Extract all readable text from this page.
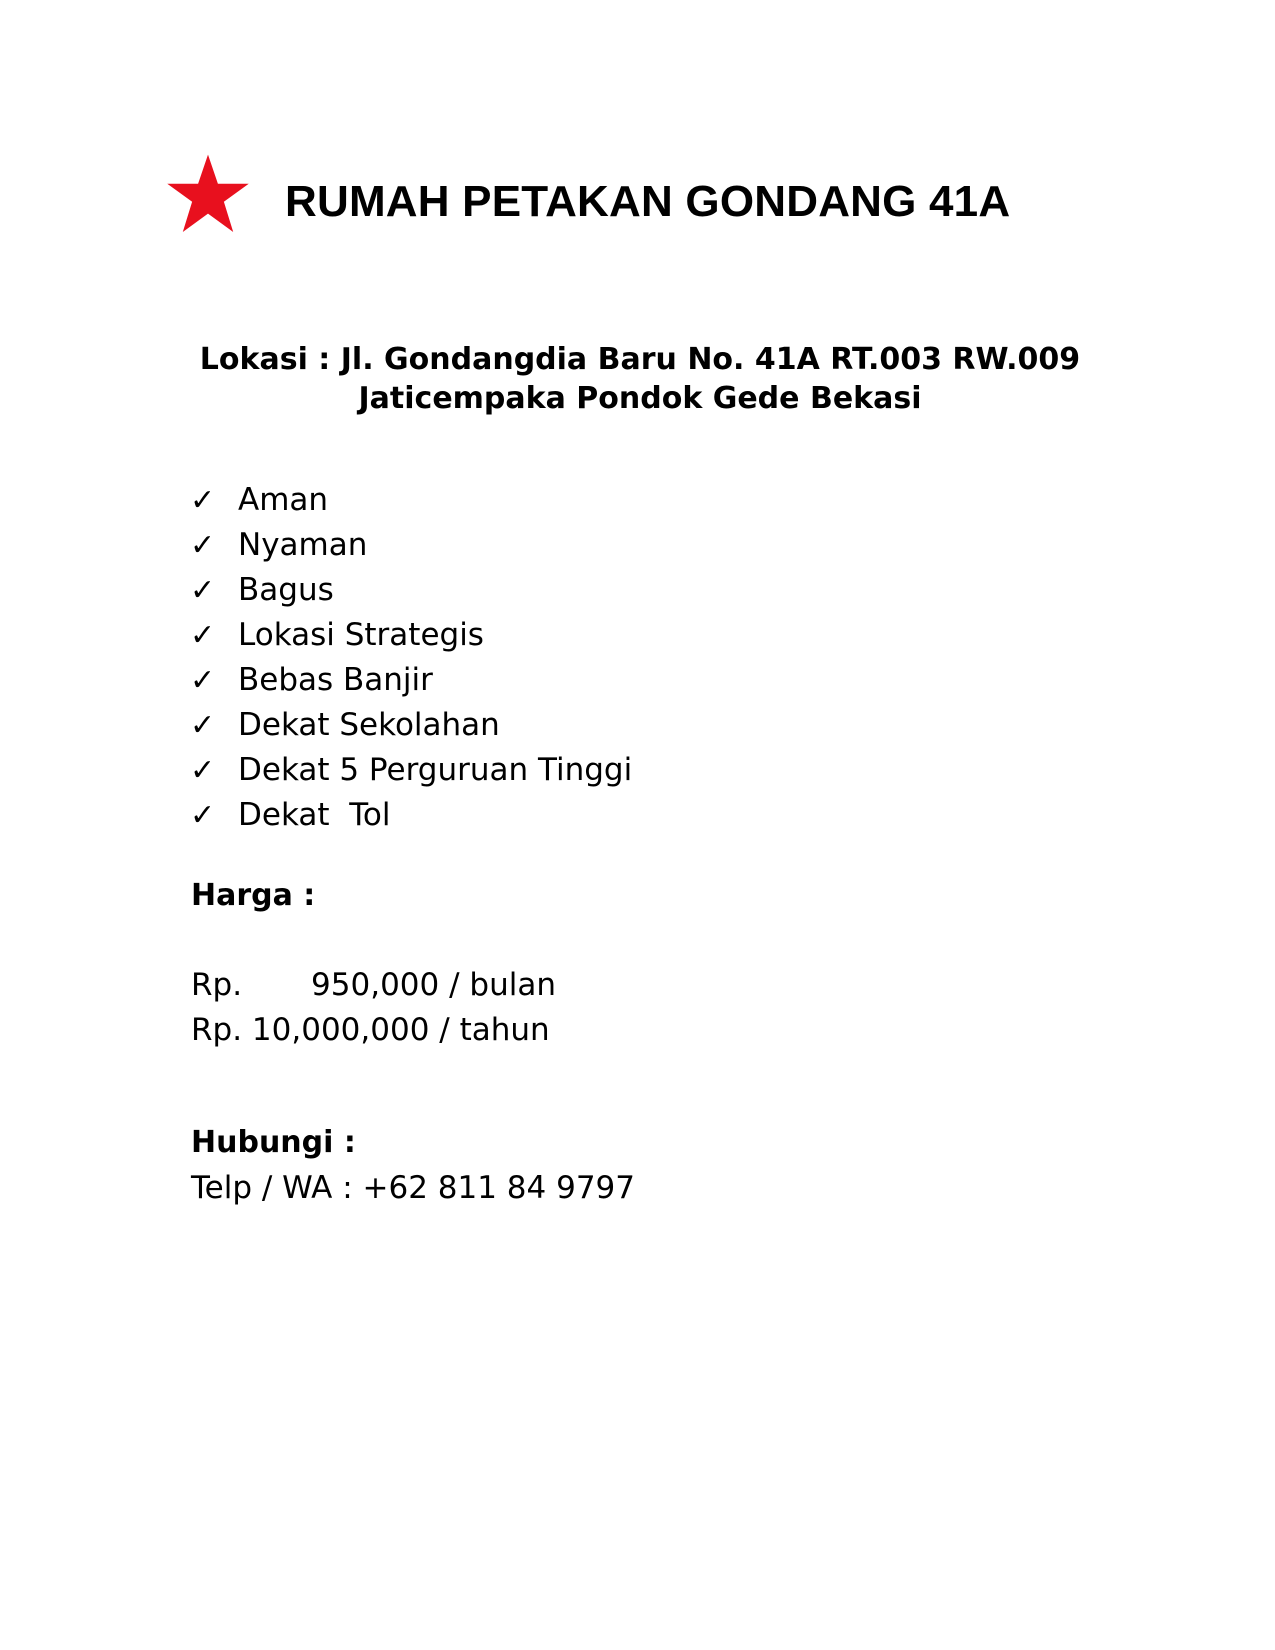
RUMAH PETAKAN GONDANG 41A
Lokasi : Jl. Gondangdia Baru No. 41A RT.003 RW.009
Jaticempaka Pondok Gede Bekasi
✓ Aman
✓ Nyaman
✓ Bagus
✓ Lokasi Strategis
✓ Bebas Banjir
✓ Dekat Sekolahan
✓ Dekat 5 Perguruan Tinggi
✓ Dekat  Tol
Harga :
Rp.       950,000 / bulan
Rp. 10,000,000 / tahun
Hubungi :
Telp / WA : +62 811 84 9797
